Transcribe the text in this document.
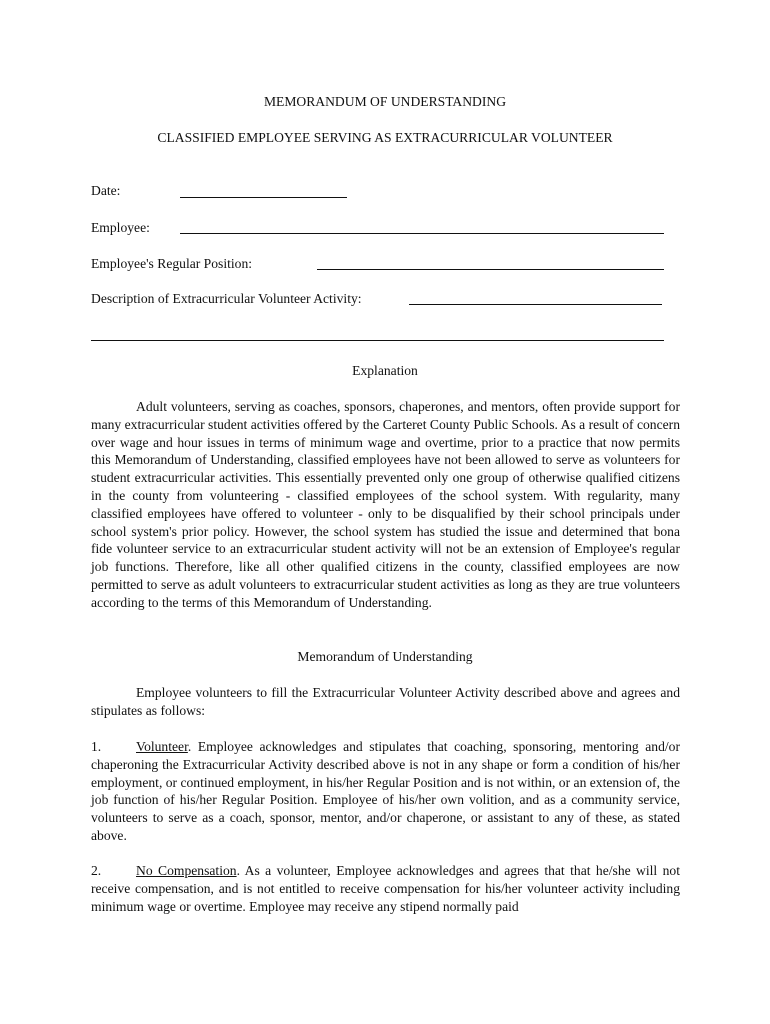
MEMORANDUM OF UNDERSTANDING
CLASSIFIED EMPLOYEE SERVING AS EXTRACURRICULAR VOLUNTEER
Date:
Employee:
Employee's Regular Position:
Description of Extracurricular Volunteer Activity:
Explanation

Adult volunteers, serving as coaches, sponsors, chaperones, and mentors, often provide support for many extracurricular student activities offered by the Carteret County Public Schools. As a result of concern over wage and hour issues in terms of minimum wage and overtime, prior to a practice that now permits this Memorandum of Understanding, classified employees have not been allowed to serve as volunteers for student extracurricular activities. This essentially prevented only one group of otherwise qualified citizens in the county from volunteering - classified employees of the school system. With regularity, many classified employees have offered to volunteer - only to be disqualified by their school principals under school system's prior policy. However, the school system has studied the issue and determined that bona fide volunteer service to an extracurricular student activity will not be an extension of Employee's regular job functions. Therefore, like all other qualified citizens in the county, classified employees are now permitted to serve as adult volunteers to extracurricular student activities as long as they are true volunteers according to the terms of this Memorandum of Understanding.

Memorandum of Understanding

Employee volunteers to fill the Extracurricular Volunteer Activity described above and agrees and stipulates as follows:

1.	Volunteer. Employee acknowledges and stipulates that coaching, sponsoring, mentoring and/or chaperoning the Extracurricular Activity described above is not in any shape or form a condition of his/her employment, or continued employment, in his/her Regular Position and is not within, or an extension of, the job function of his/her Regular Position. Employee of his/her own volition, and as a community service, volunteers to serve as a coach, sponsor, mentor, and/or chaperone, or assistant to any of these, as stated above.

2.	No Compensation. As a volunteer, Employee acknowledges and agrees that that he/she will not receive compensation, and is not entitled to receive compensation for his/her volunteer activity including minimum wage or overtime. Employee may receive any stipend normally paid
